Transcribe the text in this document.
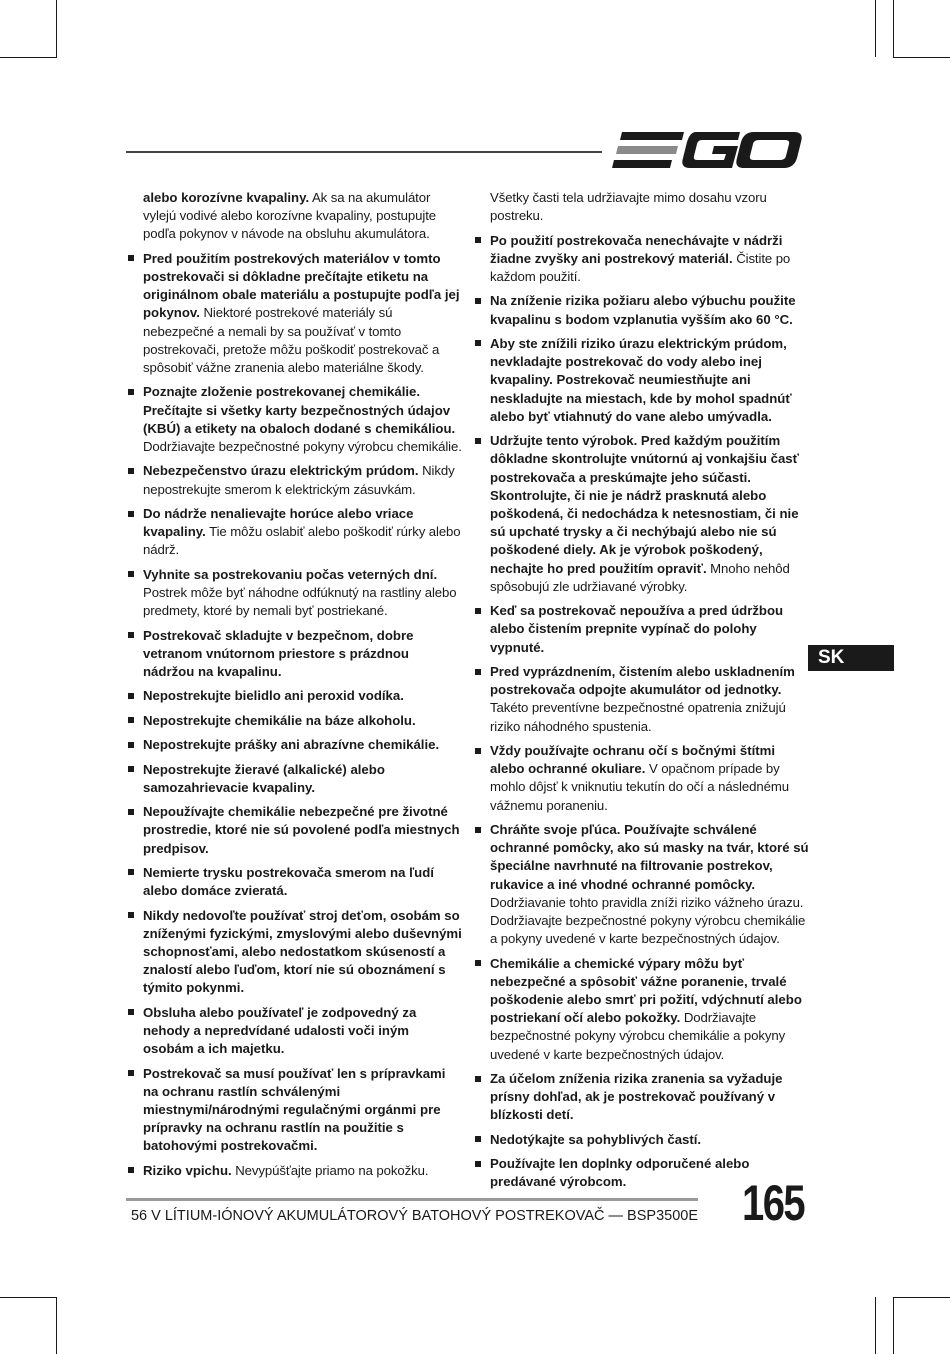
alebo korozívne kvapaliny. Ak sa na akumulátor vylejú vodivé alebo korozívne kvapaliny, postupujte podľa pokynov v návode na obsluhu akumulátora.
Pred použitím postrekových materiálov v tomto postrekovači si dôkladne prečítajte etiketu na originálnom obale materiálu a postupujte podľa jej pokynov. Niektoré postrekové materiály sú nebezpečné a nemali by sa používať v tomto postrekovači, pretože môžu poškodiť postrekovač a spôsobiť vážne zranenia alebo materiálne škody.
Poznajte zloženie postrekovanej chemikálie. Prečítajte si všetky karty bezpečnostných údajov (KBÚ) a etikety na obaloch dodané s chemikáliou. Dodržiavajte bezpečnostné pokyny výrobcu chemikálie.
Nebezpečenstvo úrazu elektrickým prúdom. Nikdy nepostrekujte smerom k elektrickým zásuvkám.
Do nádrže nenalievajte horúce alebo vriace kvapaliny. Tie môžu oslabiť alebo poškodiť rúrky alebo nádrž.
Vyhnite sa postrekovaniu počas veterných dní. Postrek môže byť náhodne odfúknutý na rastliny alebo predmety, ktoré by nemali byť postriekané.
Postrekovač skladujte v bezpečnom, dobre vetranom vnútornom priestore s prázdnou nádržou na kvapalinu.
Nepostrekujte bielidlo ani peroxid vodíka.
Nepostrekujte chemikálie na báze alkoholu.
Nepostrekujte prášky ani abrazívne chemikálie.
Nepostrekujte žieravé (alkalické) alebo samozahrievacie kvapaliny.
Nepoužívajte chemikálie nebezpečné pre životné prostredie, ktoré nie sú povolené podľa miestnych predpisov.
Nemierte trysku postrekovača smerom na ľudí alebo domáce zvieratá.
Nikdy nedovoľte používať stroj deťom, osobám so zníženými fyzickými, zmyslovými alebo duševnými schopnosťami, alebo nedostatkom skúseností a znalostí alebo ľuďom, ktorí nie sú oboznámení s týmito pokynmi.
Obsluha alebo používateľ je zodpovedný za nehody a nepredvídané udalosti voči iným osobám a ich majetku.
Postrekovač sa musí používať len s prípravkami na ochranu rastlín schválenými miestnymi/národnými regulačnými orgánmi pre prípravky na ochranu rastlín na použitie s batohovými postrekovačmi.
Riziko vpichu. Nevypúšťajte priamo na pokožku.
Všetky časti tela udržiavajte mimo dosahu vzoru postreku.
Po použití postrekovača nenechávajte v nádrži žiadne zvyšky ani postrekový materiál. Čistite po každom použití.
Na zníženie rizika požiaru alebo výbuchu použite kvapalinu s bodom vzplanutia vyšším ako 60 °C.
Aby ste znížili riziko úrazu elektrickým prúdom, nevkladajte postrekovač do vody alebo inej kvapaliny. Postrekovač neumiestňujte ani neskladujte na miestach, kde by mohol spadnúť alebo byť vtiahnutý do vane alebo umývadla.
Udržujte tento výrobok. Pred každým použitím dôkladne skontrolujte vnútornú aj vonkajšiu časť postrekovača a preskúmajte jeho súčasti. Skontrolujte, či nie je nádrž prasknutá alebo poškodená, či nedochádza k netesnostiam, či nie sú upchaté trysky a či nechýbajú alebo nie sú poškodené diely. Ak je výrobok poškodený, nechajte ho pred použitím opraviť. Mnoho nehôd spôsobujú zle udržiavané výrobky.
Keď sa postrekovač nepoužíva a pred údržbou alebo čistením prepnite vypínač do polohy vypnuté.
Pred vyprázdnením, čistením alebo uskladnením postrekovača odpojte akumulátor od jednotky. Takéto preventívne bezpečnostné opatrenia znižujú riziko náhodného spustenia.
Vždy používajte ochranu očí s bočnými štítmi alebo ochranné okuliare. V opačnom prípade by mohlo dôjsť k vniknutiu tekutín do očí a následnému vážnemu poraneniu.
Chráňte svoje pľúca. Používajte schválené ochranné pomôcky, ako sú masky na tvár, ktoré sú špeciálne navrhnuté na filtrovanie postrekov, rukavice a iné vhodné ochranné pomôcky. Dodržiavanie tohto pravidla zníži riziko vážneho úrazu. Dodržiavajte bezpečnostné pokyny výrobcu chemikálie a pokyny uvedené v karte bezpečnostných údajov.
Chemikálie a chemické výpary môžu byť nebezpečné a spôsobiť vážne poranenie, trvalé poškodenie alebo smrť pri požití, vdýchnutí alebo postriekaní očí alebo pokožky. Dodržiavajte bezpečnostné pokyny výrobcu chemikálie a pokyny uvedené v karte bezpečnostných údajov.
Za účelom zníženia rizika zranenia sa vyžaduje prísny dohľad, ak je postrekovač používaný v blízkosti detí.
Nedotýkajte sa pohyblivých častí.
Používajte len doplnky odporučené alebo predávané výrobcom.
SK
56 V LÍTIUM-IÓNOVÝ AKUMULÁTOROVÝ BATOHOVÝ POSTREKOVAČ — BSP3500E 165
